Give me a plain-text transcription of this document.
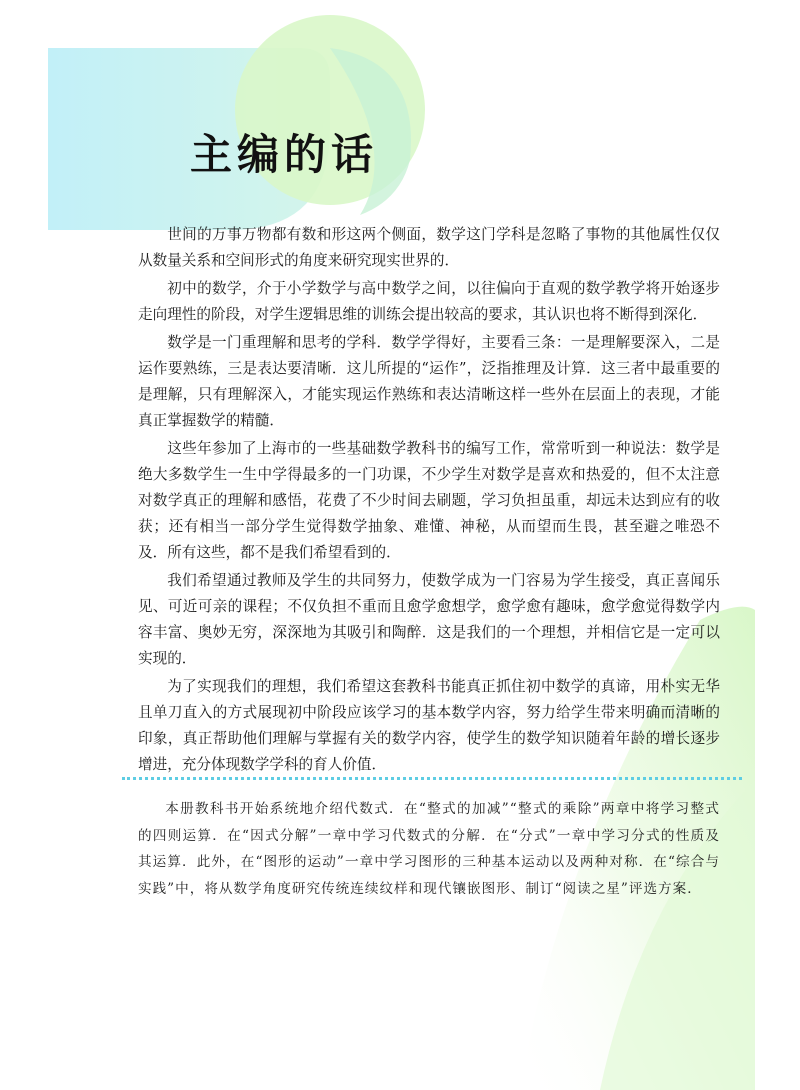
主编的话

世间的万事万物都有数和形这两个侧面，数学这门学科是忽略了事物的其他属性仅仅从数量关系和空间形式的角度来研究现实世界的．

初中的数学，介于小学数学与高中数学之间，以往偏向于直观的数学教学将开始逐步走向理性的阶段，对学生逻辑思维的训练会提出较高的要求，其认识也将不断得到深化．

数学是一门重理解和思考的学科．数学学得好，主要看三条：一是理解要深入，二是运作要熟练，三是表达要清晰．这儿所提的“运作”，泛指推理及计算．这三者中最重要的是理解，只有理解深入，才能实现运作熟练和表达清晰这样一些外在层面上的表现，才能真正掌握数学的精髓．

这些年参加了上海市的一些基础数学教科书的编写工作，常常听到一种说法：数学是绝大多数学生一生中学得最多的一门功课，不少学生对数学是喜欢和热爱的，但不太注意对数学真正的理解和感悟，花费了不少时间去刷题，学习负担虽重，却远未达到应有的收获；还有相当一部分学生觉得数学抽象、难懂、神秘，从而望而生畏，甚至避之唯恐不及．所有这些，都不是我们希望看到的．

我们希望通过教师及学生的共同努力，使数学成为一门容易为学生接受，真正喜闻乐见、可近可亲的课程；不仅负担不重而且愈学愈想学，愈学愈有趣味，愈学愈觉得数学内容丰富、奥妙无穷，深深地为其吸引和陶醉．这是我们的一个理想，并相信它是一定可以实现的．

为了实现我们的理想，我们希望这套教科书能真正抓住初中数学的真谛，用朴实无华且单刀直入的方式展现初中阶段应该学习的基本数学内容，努力给学生带来明确而清晰的印象，真正帮助他们理解与掌握有关的数学内容，使学生的数学知识随着年龄的增长逐步增进，充分体现数学学科的育人价值．

本册教科书开始系统地介绍代数式．在“整式的加减”“整式的乘除”两章中将学习整式的四则运算．在“因式分解”一章中学习代数式的分解．在“分式”一章中学习分式的性质及其运算．此外，在“图形的运动”一章中学习图形的三种基本运动以及两种对称．在“综合与实践”中，将从数学角度研究传统连续纹样和现代镶嵌图形、制订“阅读之星”评选方案．
